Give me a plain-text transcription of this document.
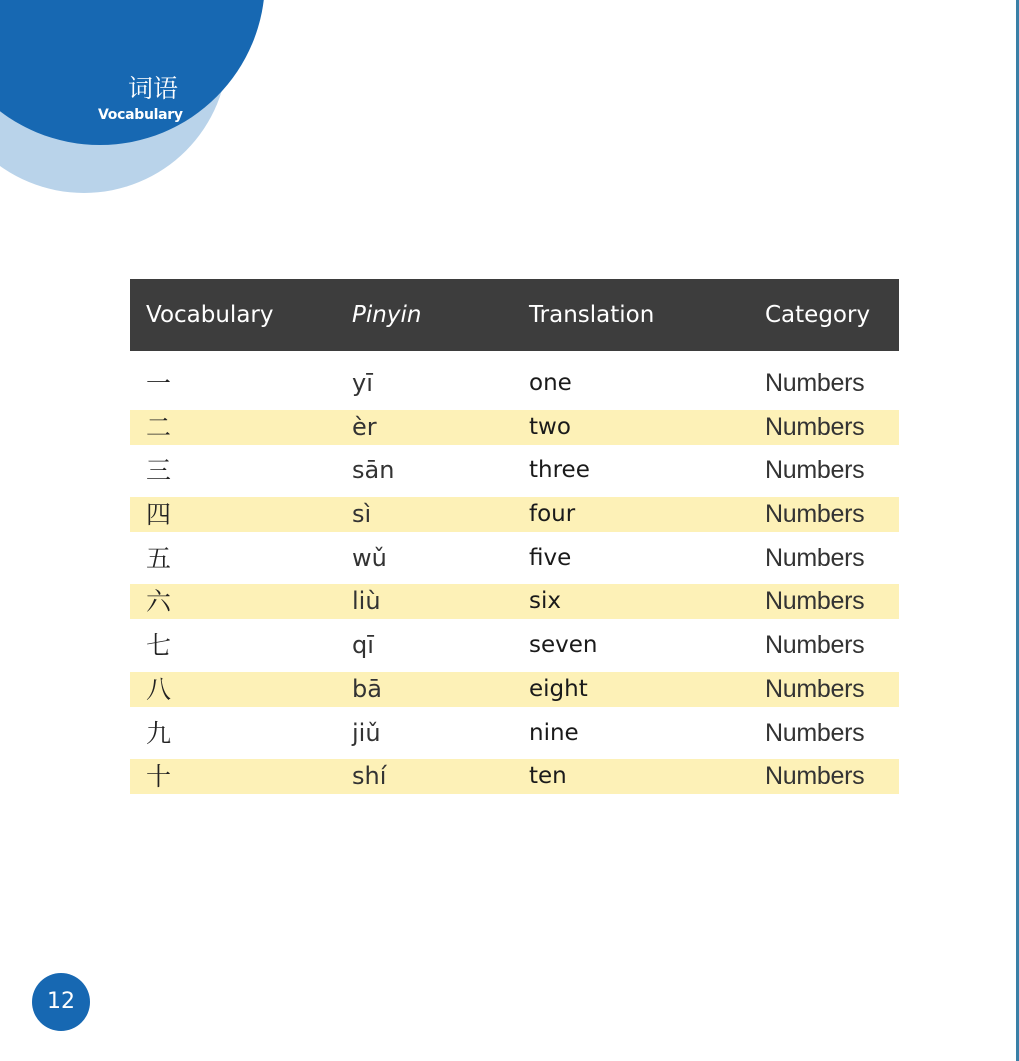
词语
Vocabulary
Vocabulary	Pinyin	Translation	Category
一	yī	one	Numbers
二	èr	two	Numbers
三	sān	three	Numbers
四	sì	four	Numbers
五	wǔ	five	Numbers
六	liù	six	Numbers
七	qī	seven	Numbers
八	bā	eight	Numbers
九	jiǔ	nine	Numbers
十	shí	ten	Numbers
12
